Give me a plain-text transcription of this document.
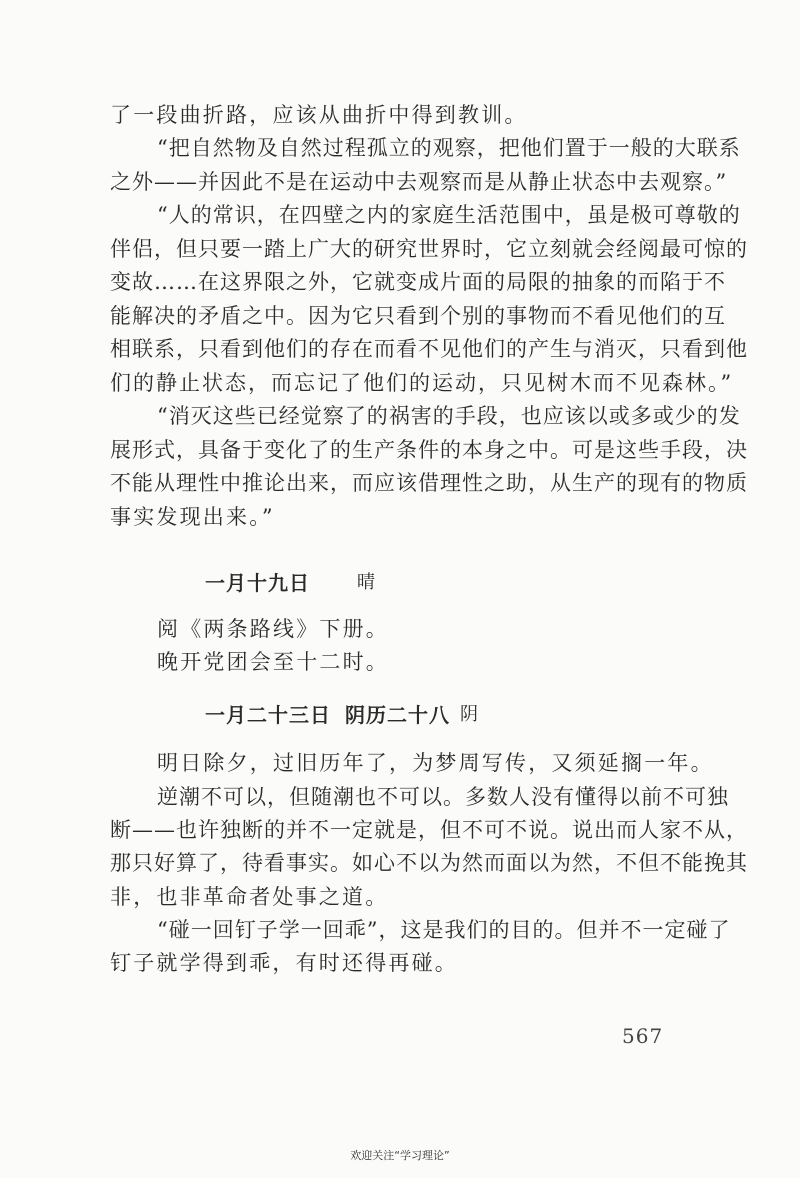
了一段曲折路，应该从曲折中得到教训。
“把自然物及自然过程孤立的观察，把他们置于一般的大联系
之外——并因此不是在运动中去观察而是从静止状态中去观察。”
“人的常识，在四壁之内的家庭生活范围中，虽是极可尊敬的
伴侣，但只要一踏上广大的研究世界时，它立刻就会经阅最可惊的
变故……在这界限之外，它就变成片面的局限的抽象的而陷于不
能解决的矛盾之中。因为它只看到个别的事物而不看见他们的互
相联系，只看到他们的存在而看不见他们的产生与消灭，只看到他
们的静止状态，而忘记了他们的运动，只见树木而不见森林。”
“消灭这些已经觉察了的祸害的手段，也应该以或多或少的发
展形式，具备于变化了的生产条件的本身之中。可是这些手段，决
不能从理性中推论出来，而应该借理性之助，从生产的现有的物质
事实发现出来。”
一月十九日	晴
阅《两条路线》下册。
晚开党团会至十二时。
一月二十三日 阴历二十八 阴
明日除夕，过旧历年了，为梦周写传，又须延搁一年。
逆潮不可以，但随潮也不可以。多数人没有懂得以前不可独
断——也许独断的并不一定就是，但不可不说。说出而人家不从，
那只好算了，待看事实。如心不以为然而面以为然，不但不能挽其
非，也非革命者处事之道。
“碰一回钉子学一回乖”，这是我们的目的。但并不一定碰了
钉子就学得到乖，有时还得再碰。
567
欢迎关注“学习理论”
